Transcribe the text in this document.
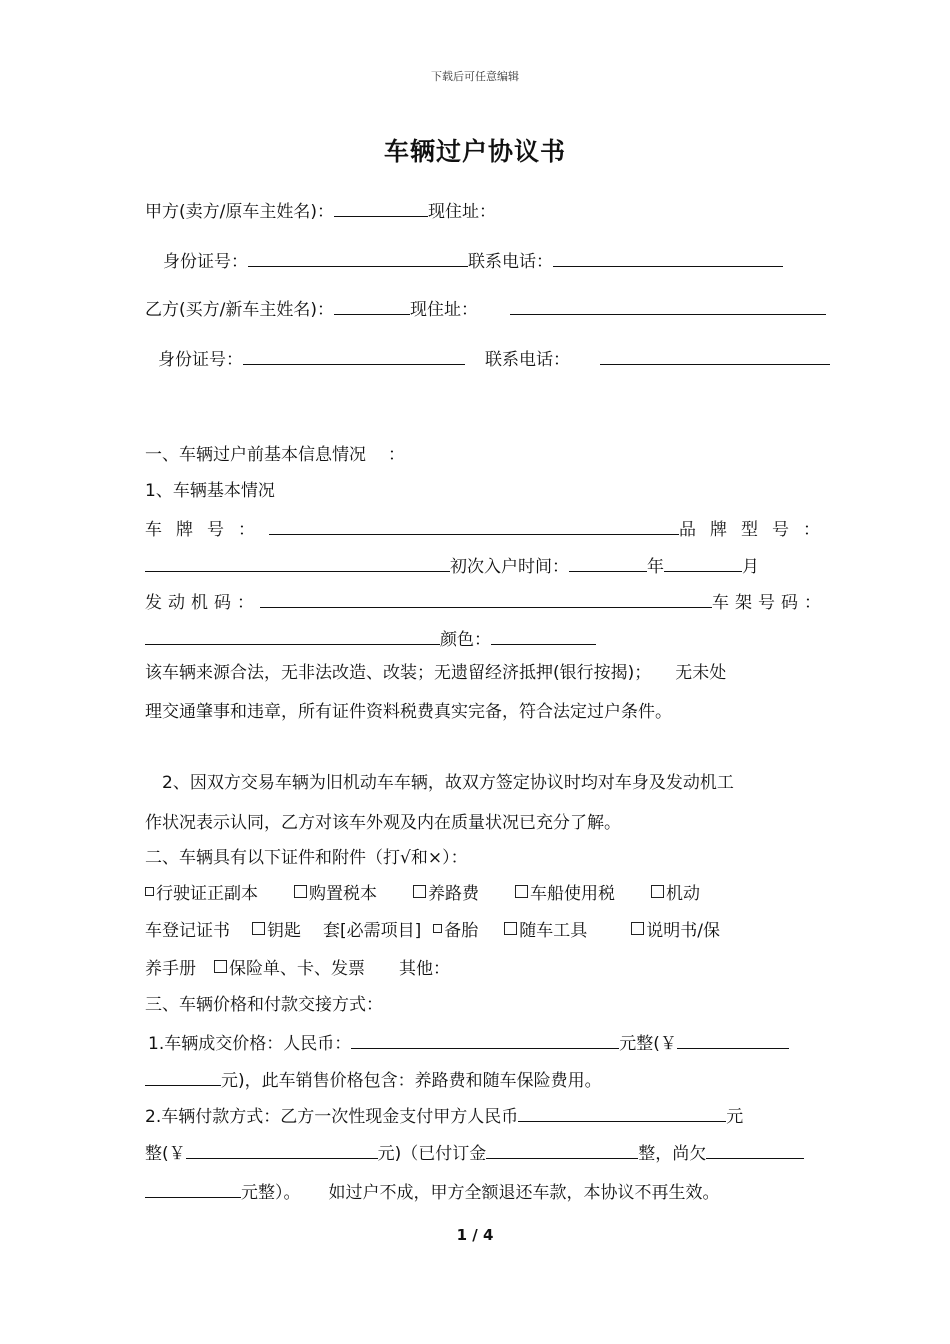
下载后可任意编辑
车辆过户协议书
甲方(卖方/原车主姓名)：	现住址：
身份证号：	联系电话：
乙方(买方/新车主姓名)：	现住址：
身份证号：	联系电话：
一、车辆过户前基本信息情况 ：
1、车辆基本情况
车牌号：	品牌型号：
初次入户时间：	年	月
发动机码：	车架号码：
颜色：
该车辆来源合法，无非法改造、改装；无遗留经济抵押(银行按揭)； 无未处
理交通肇事和违章，所有证件资料税费真实完备，符合法定过户条件。
2、因双方交易车辆为旧机动车车辆，故双方签定协议时均对车身及发动机工
作状况表示认同，乙方对该车外观及内在质量状况已充分了解。
二、车辆具有以下证件和附件（打√和×）：
行驶证正副本	购置税本	养路费	车船使用税	机动
车登记证书 钥匙 套[必需项目] 备胎 随车工具	说明书/保
养手册 保险单、卡、发票 其他：
三、车辆价格和付款交接方式：
1.车辆成交价格：人民币：	元整(￥
元)，此车销售价格包含：养路费和随车保险费用。
2.车辆付款方式：乙方一次性现金支付甲方人民币	元
整(￥	元)（已付订金	整，尚欠
元整）。 如过户不成，甲方全额退还车款，本协议不再生效。
1 / 4
